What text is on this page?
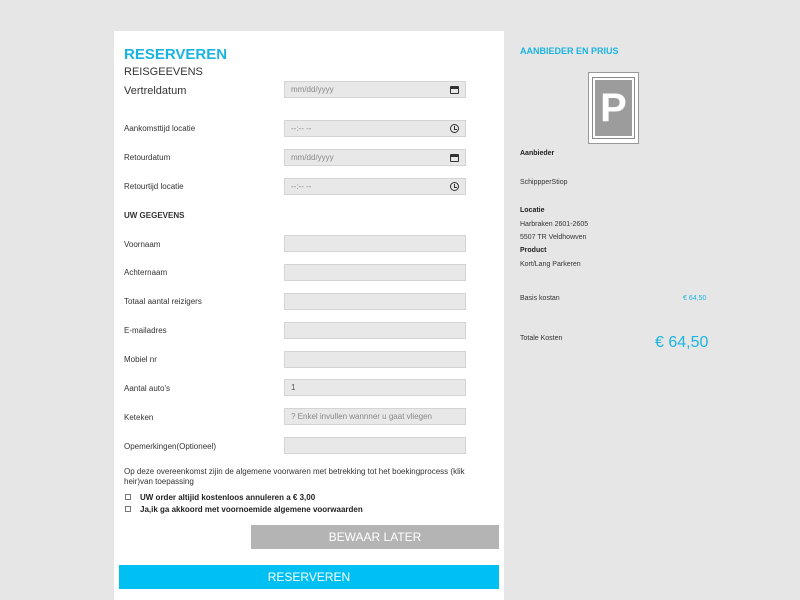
RESERVEREN
REISGEEVENS
Vertreldatum	mm/dd/yyyy
Aankomsttijd locatie	--:-- --
Retourdatum	mm/dd/yyyy
Retourtijd locatie	--:-- --
UW GEGEVENS
Voornaam
Achternaam
Totaal aantal reizigers
E-mailadres
Mobiel nr
Aantal auto's	1
Keteken	? Enkel invullen wannner u gaat vliegen
Opemerkingen(Optioneel)
Op deze overeenkomst zijin de algemene voorwaren met betrekking tot het boekingprocess (klik heir)van toepassing
UW order altijid kostenloos annuleren a € 3,00
Ja,ik ga akkoord met voornoemide algemene voorwaarden
BEWAAR LATER
RESERVEREN
AANBIEDER EN PRIUS
P
Aanbieder
SchippperStiop
Locatie
Harbraken 2601-2605
5507 TR Veldhowven
Product
Kort/Lang Parkeren
Basis kostan	€ 64,50
Totale Kosten	€ 64,50
